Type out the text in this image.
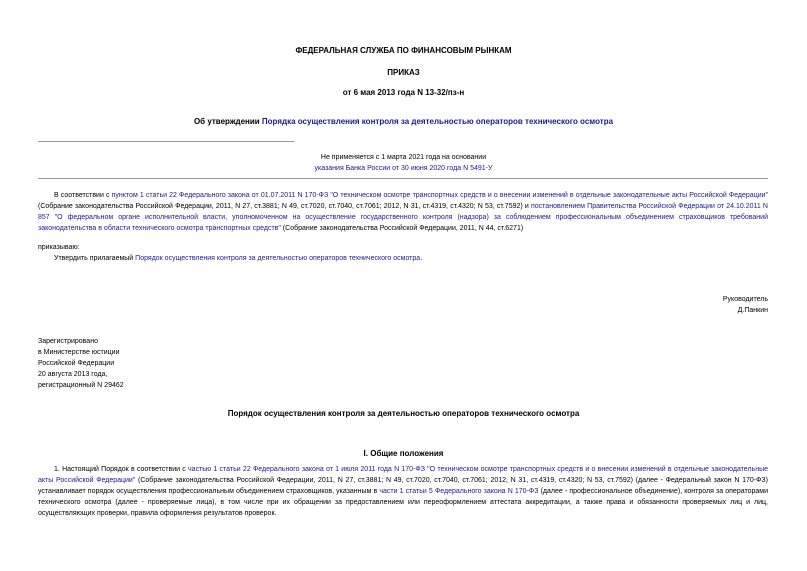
ФЕДЕРАЛЬНАЯ СЛУЖБА ПО ФИНАНСОВЫМ РЫНКАМ
ПРИКАЗ
от 6 мая 2013 года N 13-32/пз-н
Об утверждении Порядка осуществления контроля за деятельностью операторов технического осмотра
Не применяется с 1 марта 2021 года на основании
указания Банка России от 30 июня 2020 года N 5491-У
В соответствии с пунктом 1 статьи 22 Федерального закона от 01.07.2011 N 170-ФЗ "О техническом осмотре транспортных средств и о внесении изменений в отдельные законодательные акты Российской Федерации" (Собрание законодательства Российской Федерации, 2011, N 27, ст.3881; N 49, ст.7020, ст.7040, ст.7061; 2012, N 31, ст.4319, ст.4320; N 53, ст.7592) и постановлением Правительства Российской Федерации от 24.10.2011 N 857 "О федеральном органе исполнительной власти, уполномоченном на осуществление государственного контроля (надзора) за соблюдением профессиональным объединением страховщиков требований законодательства в области технического осмотра транспортных средств" (Собрание законодательства Российской Федерации, 2011, N 44, ст.6271)
приказываю:
Утвердить прилагаемый Порядок осуществления контроля за деятельностью операторов технического осмотра.
Руководитель
Д.Панкин
Зарегистрировано
в Министерстве юстиции
Российской Федерации
20 августа 2013 года,
регистрационный N 29462
Порядок осуществления контроля за деятельностью операторов технического осмотра
I. Общие положения
1. Настоящий Порядок в соответствии с частью 1 статьи 22 Федерального закона от 1 июля 2011 года N 170-ФЗ "О техническом осмотре транспортных средств и о внесении изменений в отдельные законодательные акты Российской Федерации" (Собрание законодательства Российской Федерации, 2011, N 27, ст.3881; N 49, ст.7020, ст.7040, ст.7061; 2012, N 31, ст.4319, ст.4320; N 53, ст.7592) (далее - Федеральный закон N 170-ФЗ) устанавливает порядок осуществления профессиональным объединением страховщиков, указанным в части 1 статьи 5 Федерального закона N 170-ФЗ (далее - профессиональное объединение), контроля за операторами технического осмотра (далее - проверяемые лица), в том числе при их обращении за предоставлением или переоформлением аттестата аккредитации, а также права и обязанности проверяемых лиц и лиц, осуществляющих проверки, правила оформления результатов проверок.
